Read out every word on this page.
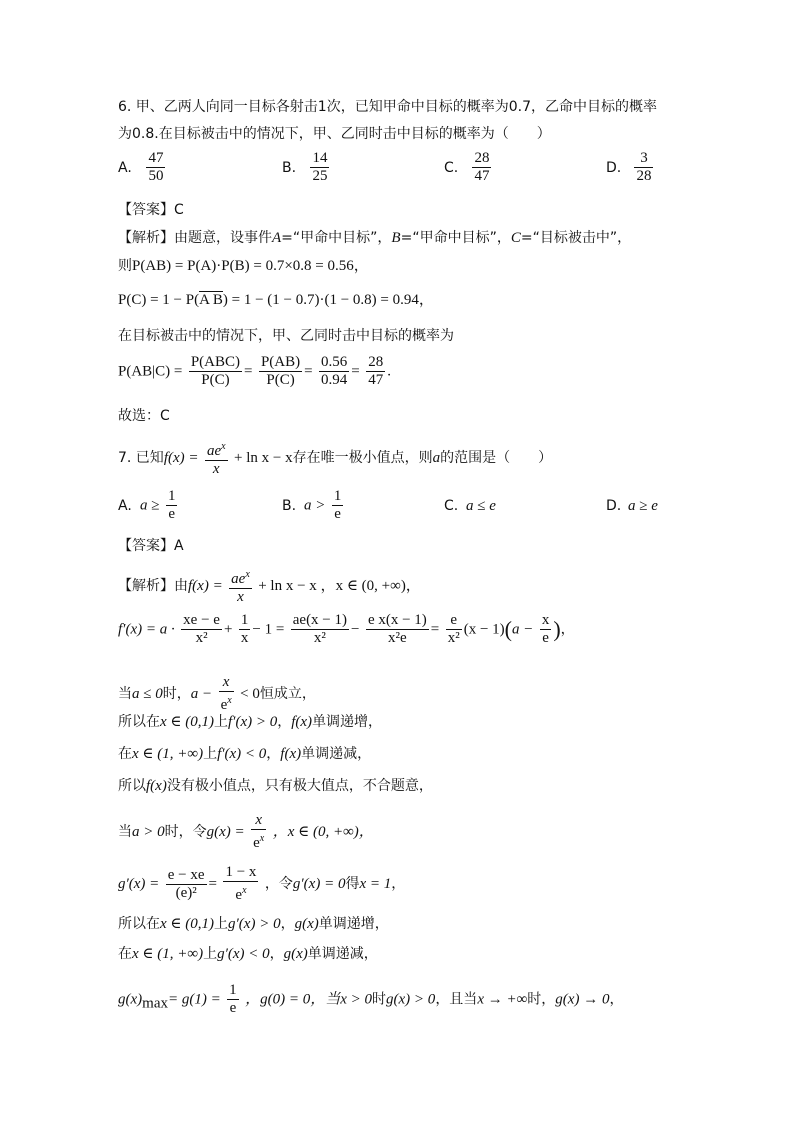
6. 甲、乙两人向同一目标各射击1次，已知甲命中目标的概率为0.7，乙命中目标的概率
为0.8.在目标被击中的情况下，甲、乙同时击中目标的概率为（　　）
A. $\frac{47}{50}$	B. $\frac{14}{25}$	C. $\frac{28}{47}$	D. $\frac{3}{28}$
【答案】C
【解析】由题意，设事件A=“甲命中目标”，B=“甲命中目标”，C=“目标被击中”，
则P(AB) = P(A)·P(B) = 0.7×0.8 = 0.56，
P(C) = 1 − P(A B) = 1 − (1 − 0.7)·(1 − 0.8) = 0.94，
在目标被击中的情况下，甲、乙同时击中目标的概率为
$P(AB|C) = \frac{\text{P(ABC)}}{P(C)} = \frac{P(AB)}{P(C)} = \frac{0.56}{0.94} = \frac{28}{47}$ .
故选：C
7. 已知$f(x) = \frac{ae^x}{x} + \ln x - x$存在唯一极小值点，则a的范围是（　　）
A. $a \ge \frac{1}{e}$	B. $a > \frac{1}{e}$	C. a ≤ e	D. a ≥ e
【答案】A
【解析】由$f(x) = \frac{ae^x}{x} + \ln x - x$ ，x ∈ (0, +∞)，
$f'(x) = a \cdot \frac{xe - e}{\text{x²}} + \frac{1}{x} - 1 = \frac{ae(x - 1)}{\text{x²}} - \frac{\text{e x(x − 1)}}{\text{x²e}} = \frac{e}{\text{x²}} (x - 1)(a - \frac{x}{e}$ )，
当a ≤ 0时，$a - \frac{x}{e^x} < 0$恒成立，
所以在x ∈ (0,1)上f′(x) > 0，f(x)单调递增，
在x ∈ (1, +∞)上f′(x) < 0，f(x)单调递减，
所以f(x)没有极小值点，只有极大值点，不合题意，
当a > 0时，令$g(x) = \frac{x}{e^x}$ ，x ∈ (0, +∞)，
$g'(x) = \frac{e - xe}{\text{(e)²}} = \frac{1 - x}{e^x}$ ，令g′(x) = 0得x = 1，
所以在x ∈ (0,1)上g′(x) > 0，g(x)单调递增，
在x ∈ (1, +∞)上g′(x) < 0，g(x)单调递减，
$g(x)_{max}= g(1) = \frac{1}{e}$ ，g(0) = 0，当x > 0时g(x) > 0，且当x → +∞时，g(x) → 0，
